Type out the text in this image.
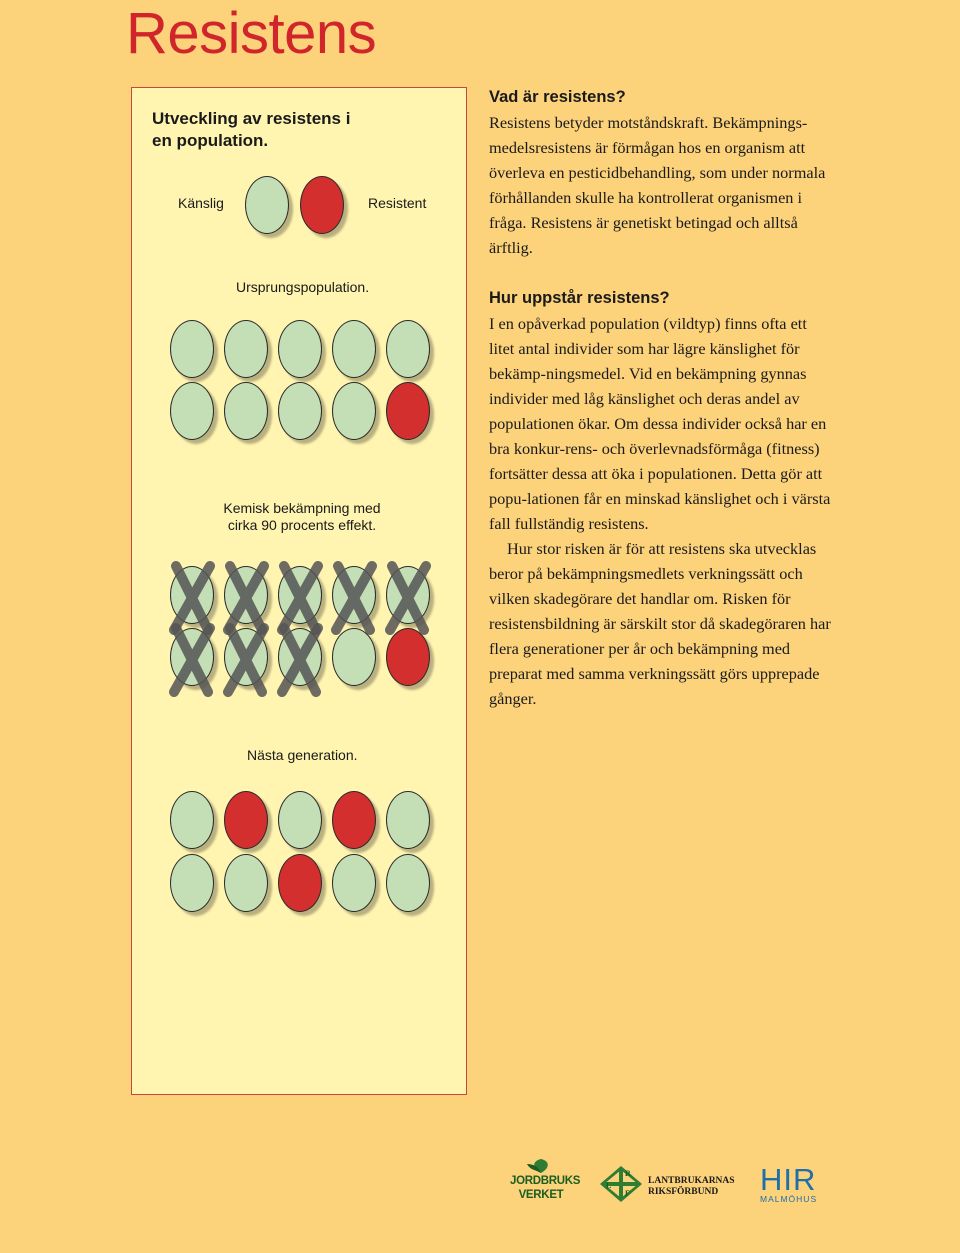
Resistens
Utveckling av resistens i en population.
Känslig	Resistent
Ursprungspopulation.
Kemisk bekämpning med
cirka 90 procents effekt.
Nästa generation.
Vad är resistens?

Resistens betyder motståndskraft. Bekämpnings-medelsresistens är förmågan hos en organism att överleva en pesticidbehandling, som under normala förhållanden skulle ha kontrollerat organismen i fråga. Resistens är genetiskt betingad och alltså ärftlig.

Hur uppstår resistens?

I en opåverkad population (vildtyp) finns ofta ett litet antal individer som har lägre känslighet för bekämp-ningsmedel. Vid en bekämpning gynnas individer med låg känslighet och deras andel av populationen ökar. Om dessa individer också har en bra konkur-rens- och överlevnadsförmåga (fitness) fortsätter dessa att öka i populationen. Detta gör att popu-lationen får en minskad känslighet och i värsta fall fullständig resistens.

Hur stor risken är för att resistens ska utvecklas beror på bekämpningsmedlets verkningssätt och vilken skadegörare det handlar om. Risken för resistensbildning är särskilt stor då skadegöraren har flera generationer per år och bekämpning med preparat med samma verkningssätt görs upprepade gånger.

JORDBRUKS
VERKET
L
R
F
LANTBRUKARNAS
RIKSFÖRBUND	HIR
MALMÖHUS
